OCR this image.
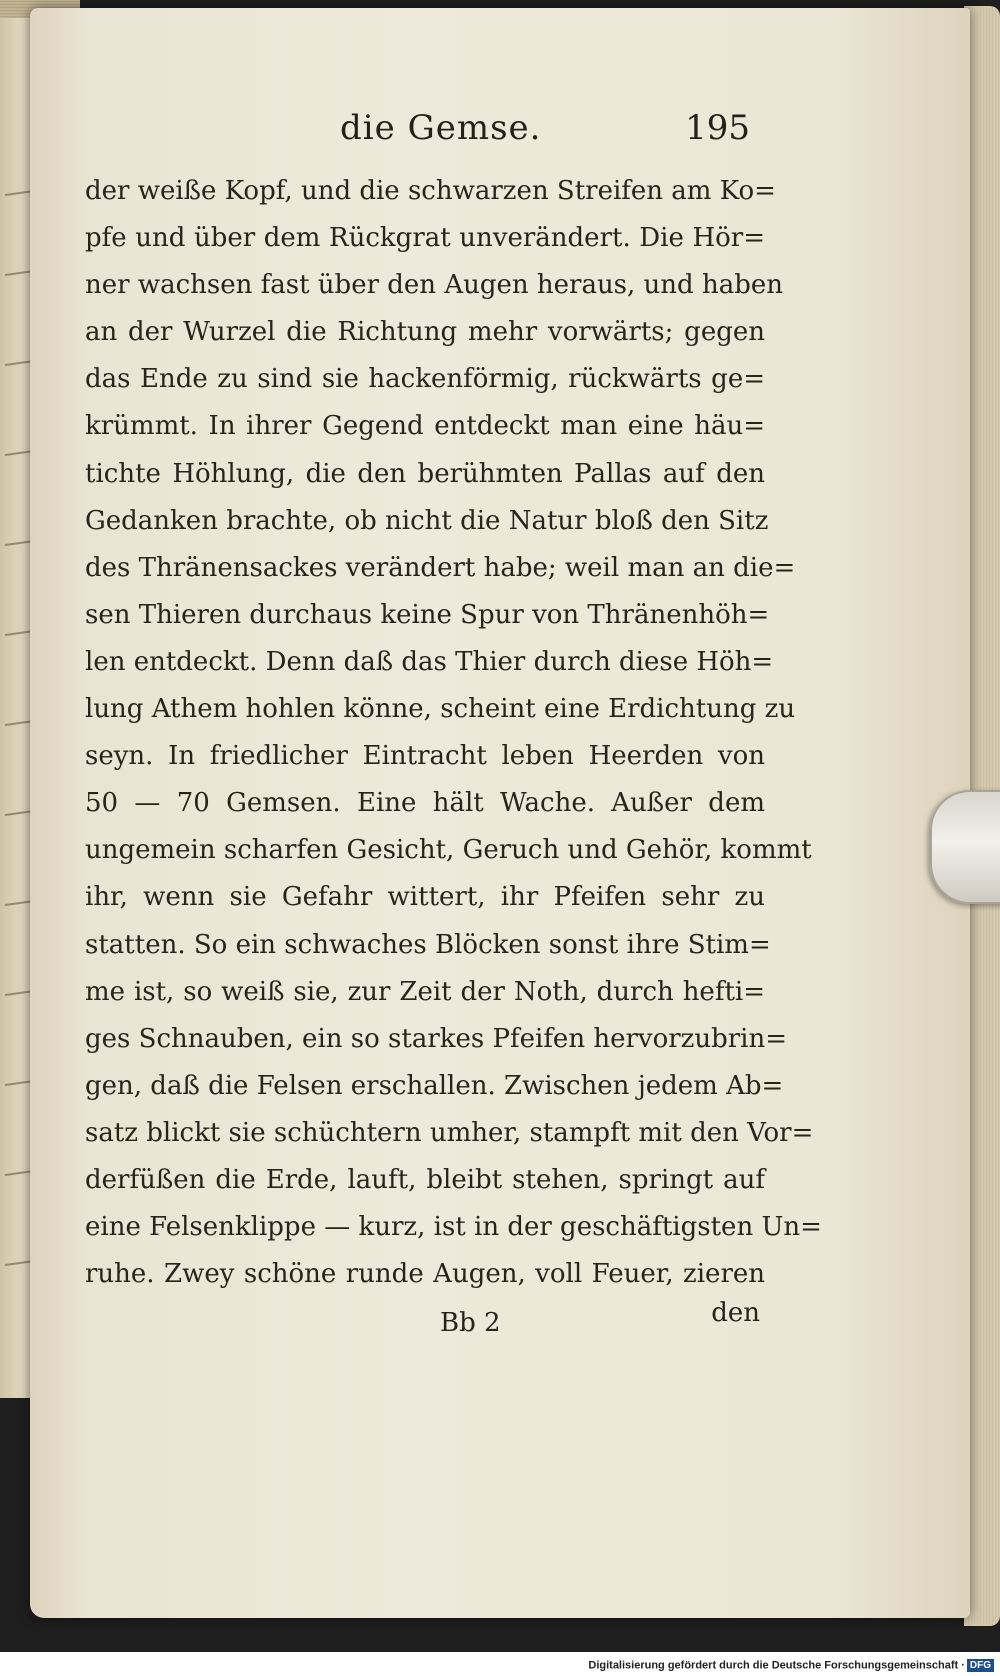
die Gemse.	195
der weiße Kopf, und die schwarzen Streifen am Ko=
pfe und über dem Rückgrat unverändert. Die Hör=
ner wachsen fast über den Augen heraus, und haben
an der Wurzel die Richtung mehr vorwärts; gegen
das Ende zu sind sie hackenförmig, rückwärts ge=
krümmt. In ihrer Gegend entdeckt man eine häu=
tichte Höhlung, die den berühmten Pallas auf den
Gedanken brachte, ob nicht die Natur bloß den Sitz
des Thränensackes verändert habe; weil man an die=
sen Thieren durchaus keine Spur von Thränenhöh=
len entdeckt. Denn daß das Thier durch diese Höh=
lung Athem hohlen könne, scheint eine Erdichtung zu
seyn. In friedlicher Eintracht leben Heerden von
50 — 70 Gemsen. Eine hält Wache. Außer dem
ungemein scharfen Gesicht, Geruch und Gehör, kommt
ihr, wenn sie Gefahr wittert, ihr Pfeifen sehr zu
statten. So ein schwaches Blöcken sonst ihre Stim=
me ist, so weiß sie, zur Zeit der Noth, durch hefti=
ges Schnauben, ein so starkes Pfeifen hervorzubrin=
gen, daß die Felsen erschallen. Zwischen jedem Ab=
satz blickt sie schüchtern umher, stampft mit den Vor=
derfüßen die Erde, lauft, bleibt stehen, springt auf
eine Felsenklippe — kurz, ist in der geschäftigsten Un=
ruhe. Zwey schöne runde Augen, voll Feuer, zieren
Bb 2	den
Digitalisierung gefördert durch die Deutsche Forschungsgemeinschaft · DFG
